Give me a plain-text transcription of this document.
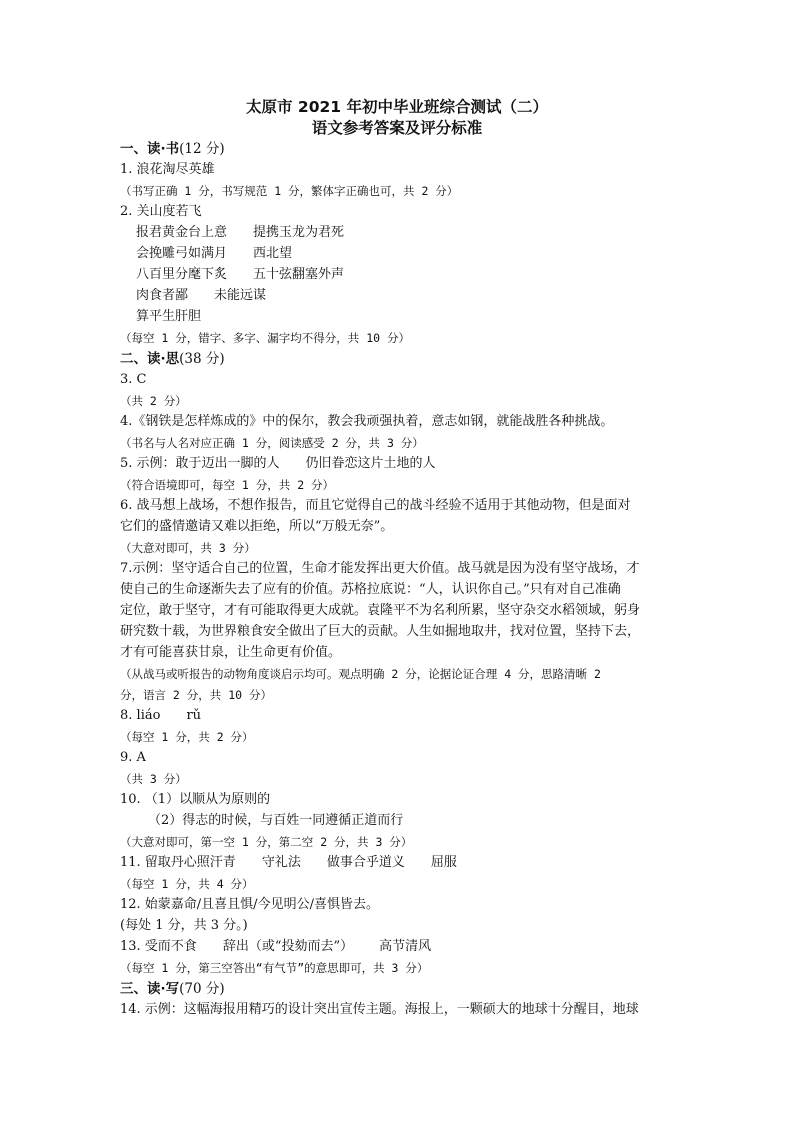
太原市 2021 年初中毕业班综合测试（二）
语文参考答案及评分标准
一、读·书(12 分)
1. 浪花淘尽英雄
（书写正确 1 分，书写规范 1 分，繁体字正确也可，共 2 分）
2. 关山度若飞
报君黄金台上意 提携玉龙为君死
会挽雕弓如满月 西北望
八百里分麾下炙 五十弦翻塞外声
肉食者鄙 未能远谋
算平生肝胆
（每空 1 分，错字、多字、漏字均不得分，共 10 分）
二、读·思(38 分)
3. C
（共 2 分）
4.《钢铁是怎样炼成的》中的保尔，教会我顽强执着，意志如钢，就能战胜各种挑战。
（书名与人名对应正确 1 分，阅读感受 2 分，共 3 分）
5. 示例：敢于迈出一脚的人 仍旧眷恋这片土地的人
（符合语境即可，每空 1 分，共 2 分）
6. 战马想上战场，不想作报告，而且它觉得自己的战斗经验不适用于其他动物，但是面对
它们的盛情邀请又难以拒绝，所以“万般无奈”。
（大意对即可，共 3 分）
7.示例：坚守适合自己的位置，生命才能发挥出更大价值。战马就是因为没有坚守战场，才
使自己的生命逐渐失去了应有的价值。苏格拉底说：“人，认识你自己。”只有对自己准确
定位，敢于坚守，才有可能取得更大成就。袁隆平不为名利所累，坚守杂交水稻领域，躬身
研究数十载，为世界粮食安全做出了巨大的贡献。人生如掘地取井，找对位置，坚持下去，
才有可能喜获甘泉，让生命更有价值。
（从战马或听报告的动物角度谈启示均可。观点明确 2 分，论据论证合理 4 分，思路清晰 2
分，语言 2 分，共 10 分）
8. liáo rǔ
（每空 1 分，共 2 分）
9. A
（共 3 分）
10. （1）以顺从为原则的
（2）得志的时候，与百姓一同遵循正道而行
（大意对即可，第一空 1 分，第二空 2 分，共 3 分）
11. 留取丹心照汗青 守礼法 做事合乎道义 屈服
（每空 1 分，共 4 分）
12. 始蒙嘉命/且喜且惧/今见明公/喜惧皆去。
(每处 1 分，共 3 分。)
13. 受而不食 辞出（或“投劾而去”） 高节清风
（每空 1 分，第三空答出“有气节”的意思即可，共 3 分）
三、读·写(70 分)
14. 示例：这幅海报用精巧的设计突出宣传主题。海报上，一颗硕大的地球十分醒目，地球
